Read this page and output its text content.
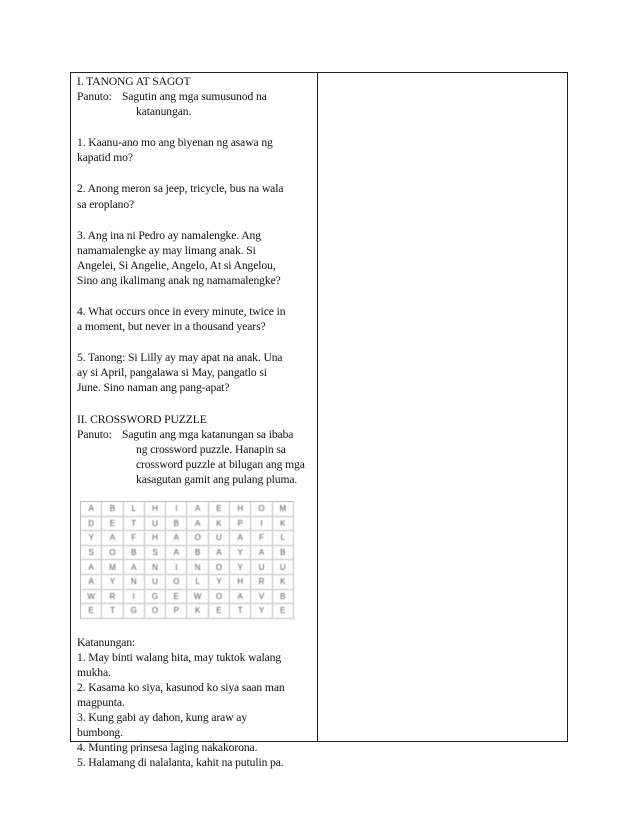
I. TANONG AT SAGOT

Panuto: Sagutin ang mga sumusunod na
katanungan.
1. Kaanu-ano mo ang biyenan ng asawa ng
kapatid mo?
2. Anong meron sa jeep, tricycle, bus na wala
sa eroplano?
3. Ang ina ni Pedro ay namalengke. Ang
namamalengke ay may limang anak. Si
Angelei, Si Angelie, Angelo, At si Angelou,
Sino ang ikalimang anak ng namamalengke?
4. What occurs once in every minute, twice in
a moment, but never in a thousand years?
5. Tanong: Si Lilly ay may apat na anak. Una
ay si April, pangalawa si May, pangatlo si
June. Sino naman ang pang-apat?

II. CROSSWORD PUZZLE

Panuto: Sagutin ang mga katanungan sa ibaba
ng crossword puzzle. Hanapin sa
crossword puzzle at bilugan ang mga
kasagutan gamit ang pulang pluma.
A	B	L	H	I	A	E	H	O	M
D	E	T	U	B	A	K	P	I	K
Y	A	F	H	A	O	U	A	F	L
S	O	B	S	A	B	A	Y	A	B
A	M	A	N	I	N	O	Y	U	U
A	Y	N	U	O	L	Y	H	R	K
W	R	I	G	E	W	O	A	V	B
E	T	G	O	P	K	E	T	Y	E

Katanungan:

1. May binti walang hita, may tuktok walang
mukha.
2. Kasama ko siya, kasunod ko siya saan man
magpunta.
3. Kung gabi ay dahon, kung araw ay
bumbong.
4. Munting prinsesa laging nakakorona.
5. Halamang di nalalanta, kahit na putulin pa.
